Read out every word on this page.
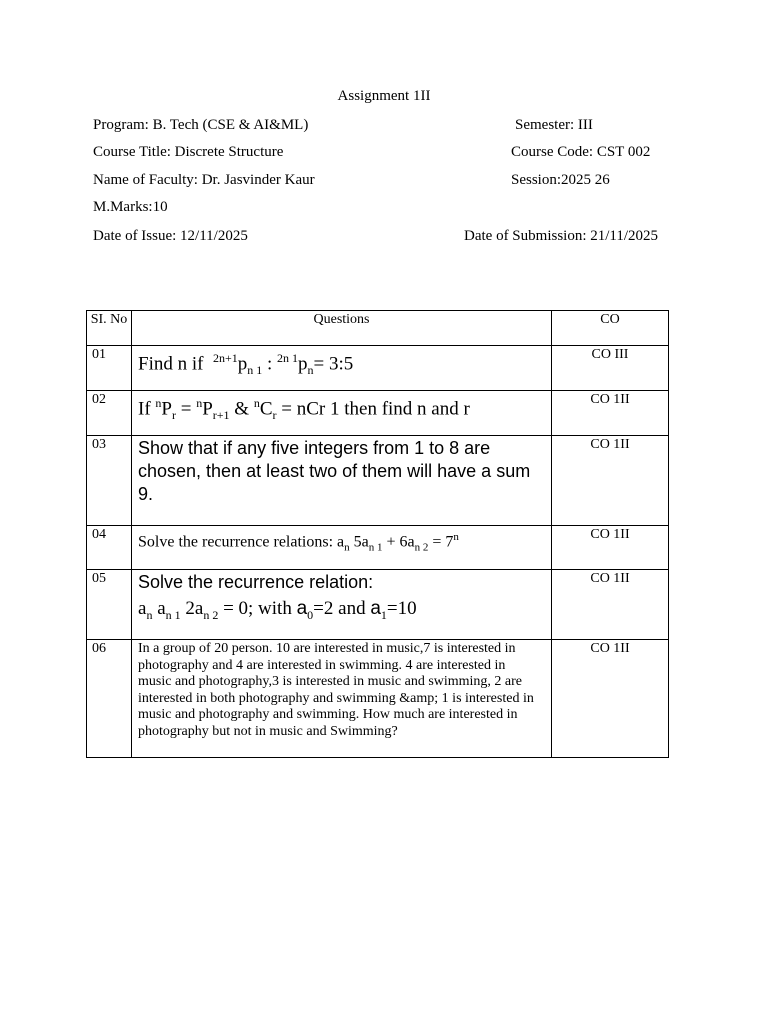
Assignment 1II
Program: B. Tech (CSE & AI&ML)	Semester: III
Course Title: Discrete Structure	Course Code: CST 002
Name of Faculty: Dr. Jasvinder Kaur	Session:2025 26
M.Marks:10
Date of Issue: 12/11/2025	Date of Submission: 21/11/2025
SI. No	Questions	CO
01	Find n if $^{2n+1}p_{n 1}$ : $^{2n 1}p_n=$ 3:5	CO III
02	If $^nP_r = ^nP_{r+1}$ & $^nC_r$ = nCr 1 then find n and r	CO 1II
03	Show that if any five integers from 1 to 8 are chosen, then at least two of them will have a sum 9.	CO 1II
04	Solve the recurrence relations: $a_n$ $5a_{n 1} + 6a_{n 2} = 7^n$	CO 1II
05	Solve the recurrence relation:
$a_n$ $a_{n 1}$ $2a_{n 2} = 0$; with $a_0=2$ and $a_1=10$	CO 1II
06	In a group of 20 person. 10 are interested in music,7 is interested in photography and 4 are interested in swimming. 4 are interested in music and photography,3 is interested in music and swimming, 2 are interested in both photography and swimming &amp; 1 is interested in music and photography and swimming. How much are interested in photography but not in music and Swimming?	CO 1II
